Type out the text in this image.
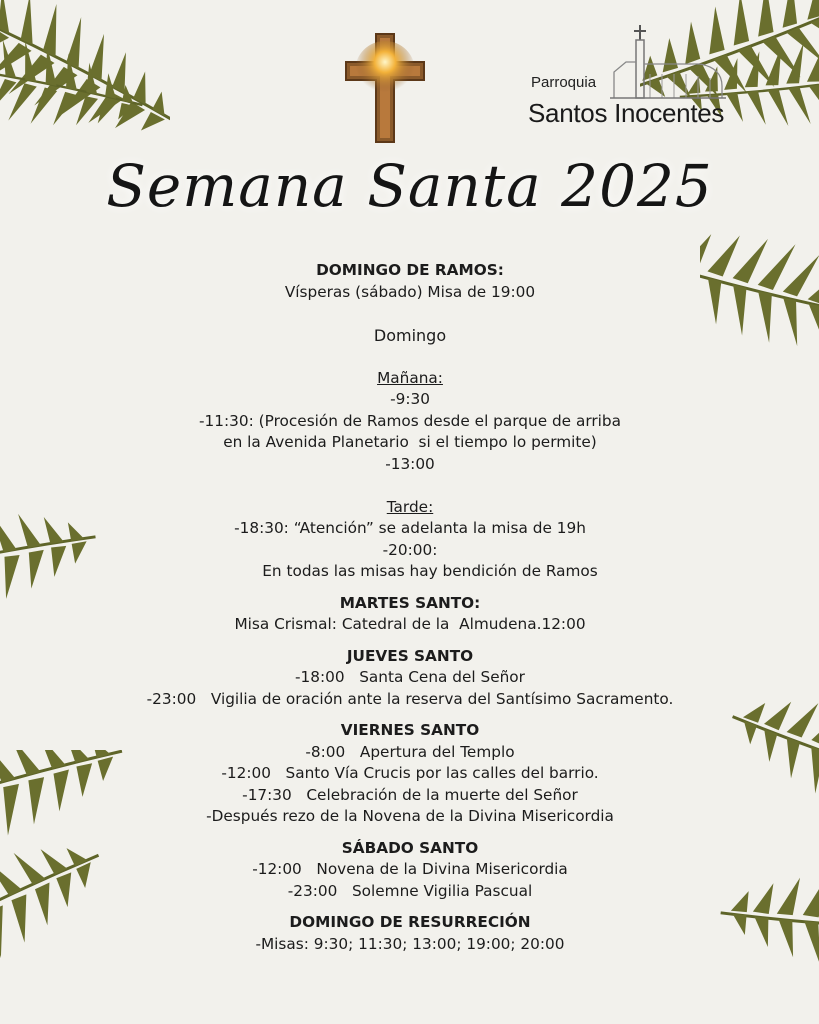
Parroquia
Santos Inocentes
Semana Santa 2025
DOMINGO DE RAMOS:
Vísperas (sábado) Misa de 19:00
Domingo
Mañana:
-9:30
-11:30: (Procesión de Ramos desde el parque de arriba
en la Avenida Planetario  si el tiempo lo permite)
-13:00
Tarde:
-18:30: “Atención” se adelanta la misa de 19h
-20:00:
En todas las misas hay bendición de Ramos
MARTES SANTO:
Misa Crismal: Catedral de la  Almudena.12:00
JUEVES SANTO
-18:00   Santa Cena del Señor
-23:00   Vigilia de oración ante la reserva del Santísimo Sacramento.
VIERNES SANTO
-8:00   Apertura del Templo
-12:00   Santo Vía Crucis por las calles del barrio.
-17:30   Celebración de la muerte del Señor
-Después rezo de la Novena de la Divina Misericordia
SÁBADO SANTO
-12:00   Novena de la Divina Misericordia
-23:00   Solemne Vigilia Pascual
DOMINGO DE RESURRECIÓN
-Misas: 9:30; 11:30; 13:00; 19:00; 20:00
